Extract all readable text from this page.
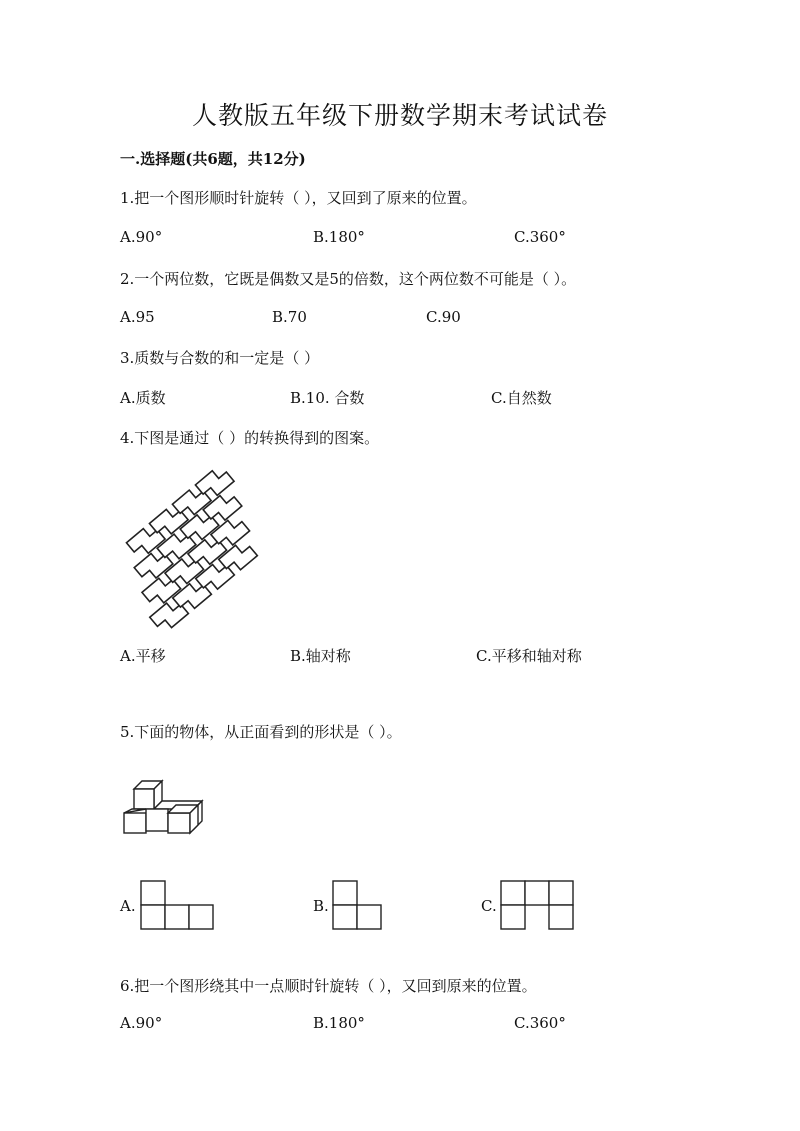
人教版五年级下册数学期末考试试卷
一.选择题(共6题，共12分)
1.把一个图形顺时针旋转（ ），又回到了原来的位置。
A.90°	B.180°	C.360°
2.一个两位数，它既是偶数又是5的倍数，这个两位数不可能是（ ）。
A.95	B.70	C.90
3.质数与合数的和一定是（ ）
A.质数	B.10. 合数	C.自然数
4.下图是通过（ ）的转换得到的图案。
A.平移	B.轴对称	C.平移和轴对称
5.下面的物体，从正面看到的形状是（ ）。
A.	B.	C.
6.把一个图形绕其中一点顺时针旋转（ ），又回到原来的位置。
A.90°	B.180°	C.360°
